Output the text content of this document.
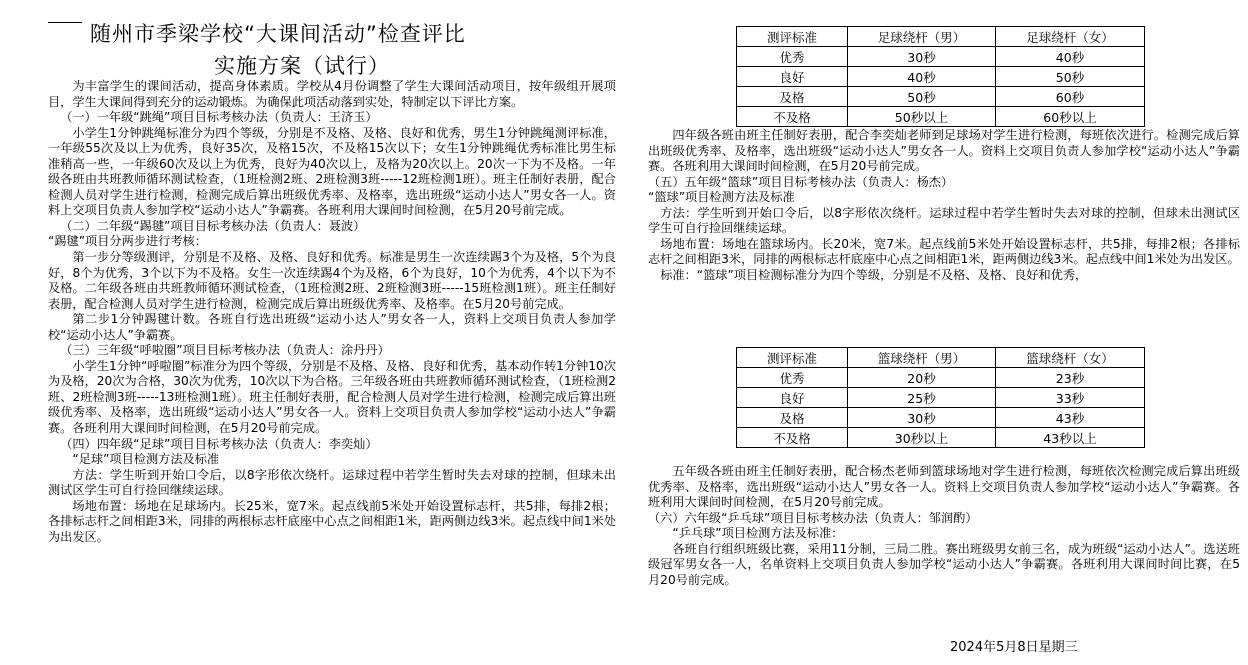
随州市季梁学校“大课间活动”检查评比
实施方案（试行）

为丰富学生的课间活动，提高身体素质。学校从4月份调整了学生大课间活动项目，按年级组开展项目，学生大课间得到充分的运动锻炼。为确保此项活动落到实处，特制定以下评比方案。

（一）一年级“跳绳”项目目标考核办法（负责人：王济玉）

小学生1分钟跳绳标准分为四个等级，分别是不及格、及格、良好和优秀，男生1分钟跳绳测评标准，一年级55次及以上为优秀，良好35次，及格15次，不及格15次以下；女生1分钟跳绳优秀标准比男生标准稍高一些，一年级60次及以上为优秀，良好为40次以上，及格为20次以上。20次一下为不及格。一年级各班由共班教师循环测试检查，（1班检测2班、2班检测3班-----12班检测1班）。班主任制好表册，配合检测人员对学生进行检测，检测完成后算出班级优秀率、及格率，选出班级“运动小达人”男女各一人。资料上交项目负责人参加学校“运动小达人”争霸赛。各班利用大课间时间检测，在5月20号前完成。

（二）二年级“踢毽”项目目标考核办法（负责人：聂波）

“踢毽”项目分两步进行考核：

第一步分等级测评，分别是不及格、及格、良好和优秀。标准是男生一次连续踢3个为及格，5个为良好，8个为优秀，3个以下为不及格。女生一次连续踢4个为及格，6个为良好，10个为优秀，4个以下为不及格。二年级各班由共班教师循环测试检查，（1班检测2班、2班检测3班-----15班检测1班）。班主任制好表册，配合检测人员对学生进行检测，检测完成后算出班级优秀率、及格率。在5月20号前完成。

第二步1分钟踢毽计数。各班自行选出班级“运动小达人”男女各一人，资料上交项目负责人参加学校“运动小达人”争霸赛。

（三）三年级“呼啦圈”项目目标考核办法（负责人：涂丹丹）

小学生1分钟“呼啦圈”标准分为四个等级，分别是不及格、及格、良好和优秀，基本动作转1分钟10次为及格，20次为合格，30次为优秀，10次以下为合格。三年级各班由共班教师循环测试检查，（1班检测2班、2班检测3班-----13班检测1班）。班主任制好表册，配合检测人员对学生进行检测，检测完成后算出班级优秀率、及格率，选出班级“运动小达人”男女各一人。资料上交项目负责人参加学校“运动小达人”争霸赛。各班利用大课间时间检测，在5月20号前完成。

（四）四年级“足球”项目目标考核办法（负责人：李奕灿）

“足球”项目检测方法及标准

方法：学生听到开始口令后，以8字形依次绕杆。运球过程中若学生暂时失去对球的控制，但球未出测试区学生可自行捡回继续运球。

场地布置：场地在足球场内。长25米，宽7米。起点线前5米处开始设置标志杆，共5排，每排2根；各排标志杆之间相距3米，同排的两根标志杆底座中心点之间相距1米，距两侧边线3米。起点线中间1米处为出发区。

测评标准	足球绕杆（男）	足球绕杆（女）
优秀	30秒	40秒
良好	40秒	50秒
及格	50秒	60秒
不及格	50秒以上	60秒以上

四年级各班由班主任制好表册，配合李奕灿老师到足球场对学生进行检测，每班依次进行。检测完成后算出班级优秀率、及格率，选出班级“运动小达人”男女各一人。资料上交项目负责人参加学校“运动小达人”争霸赛。各班利用大课间时间检测，在5月20号前完成。

（五）五年级“篮球”项目目标考核办法（负责人：杨杰）

“篮球”项目检测方法及标准

方法：学生听到开始口令后，以8字形依次绕杆。运球过程中若学生暂时失去对球的控制，但球未出测试区学生可自行捡回继续运球。

场地布置：场地在篮球场内。长20米，宽7米。起点线前5米处开始设置标志杆，共5排，每排2根；各排标志杆之间相距3米，同排的两根标志杆底座中心点之间相距1米，距两侧边线3米。起点线中间1米处为出发区。

标准：“篮球”项目检测标准分为四个等级，分别是不及格、及格、良好和优秀，

测评标准	篮球绕杆（男）	篮球绕杆（女）
优秀	20秒	23秒
良好	25秒	33秒
及格	30秒	43秒
不及格	30秒以上	43秒以上

五年级各班由班主任制好表册，配合杨杰老师到篮球场地对学生进行检测，每班依次检测完成后算出班级优秀率、及格率，选出班级“运动小达人”男女各一人。资料上交项目负责人参加学校“运动小达人”争霸赛。各班利用大课间时间检测，在5月20号前完成。

（六）六年级“乒乓球”项目目标考核办法（负责人：邹润酌）

“乒乓球”项目检测方法及标准：

各班自行组织班级比赛，采用11分制，三局二胜。赛出班级男女前三名，成为班级“运动小达人”。选送班级冠军男女各一人，名单资料上交项目负责人参加学校“运动小达人”争霸赛。各班利用大课间时间比赛，在5月20号前完成。

2024年5月8日星期三
